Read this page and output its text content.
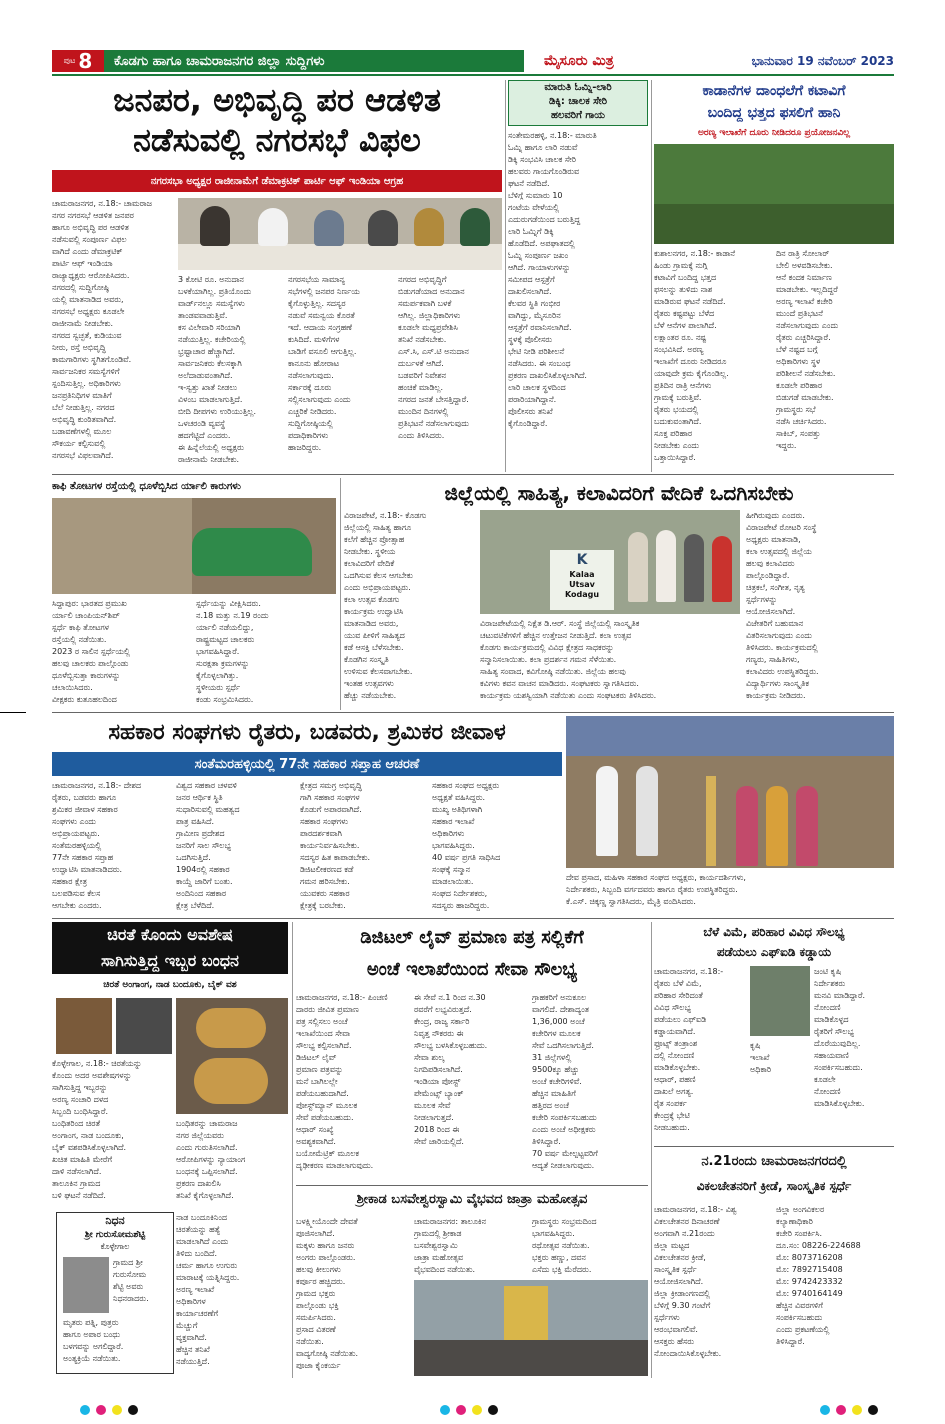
ಪುಟ 8 ಕೊಡಗು ಹಾಗೂ ಚಾಮರಾಜನಗರ ಜಿಲ್ಲಾ ಸುದ್ದಿಗಳು	ಮೈಸೂರು ಮಿತ್ರ	ಭಾನುವಾರ 19 ನವೆಂಬರ್ 2023
ಜನಪರ, ಅಭಿವೃದ್ಧಿ ಪರ ಆಡಳಿತ
ನಡೆಸುವಲ್ಲಿ ನಗರಸಭೆ ವಿಫಲ
ನಗರಸಭಾ ಅಧ್ಯಕ್ಷರ ರಾಜೀನಾಮೆಗೆ ಡೆಮಾಕ್ರಟಿಕ್ ಪಾರ್ಟಿ ಆಫ್ ಇಂಡಿಯಾ ಆಗ್ರಹ
ಚಾಮರಾಜನಗರ, ನ.18:- ಚಾಮರಾಜ
ನಗರ ನಗರಸಭೆ ಆಡಳಿತ ಜನಪರ
ಹಾಗೂ ಅಭಿವೃದ್ಧಿ ಪರ ಆಡಳಿತ
ನಡೆಸುವಲ್ಲಿ ಸಂಪೂರ್ಣ ವಿಫಲ
ವಾಗಿದೆ ಎಂದು ಡೆಮಾಕ್ರಟಿಕ್
ಪಾರ್ಟಿ ಆಫ್ ಇಂಡಿಯಾ
ರಾಜ್ಯಾಧ್ಯಕ್ಷರು ಆರೋಪಿಸಿದರು.
ನಗರದಲ್ಲಿ ಸುದ್ದಿಗೋಷ್ಠಿ
ಯಲ್ಲಿ ಮಾತನಾಡಿದ ಅವರು,
ನಗರಸಭೆ ಅಧ್ಯಕ್ಷರು ಕೂಡಲೇ
ರಾಜೀನಾಮೆ ನೀಡಬೇಕು.
ನಗರದ ಸ್ವಚ್ಛತೆ, ಕುಡಿಯುವ
ನೀರು, ರಸ್ತೆ ಅಭಿವೃದ್ಧಿ
ಕಾಮಗಾರಿಗಳು ಸ್ಥಗಿತಗೊಂಡಿವೆ.
ಸಾರ್ವಜನಿಕರ ಸಮಸ್ಯೆಗಳಿಗೆ
ಸ್ಪಂದಿಸುತ್ತಿಲ್ಲ. ಅಧಿಕಾರಿಗಳು
ಜನಪ್ರತಿನಿಧಿಗಳ ಮಾತಿಗೆ
ಬೆಲೆ ನೀಡುತ್ತಿಲ್ಲ. ನಗರದ
ಅಭಿವೃದ್ಧಿ ಕುಂಠಿತವಾಗಿದೆ.
ಬಡಾವಣೆಗಳಲ್ಲಿ ಮೂಲ
ಸೌಕರ್ಯ ಕಲ್ಪಿಸುವಲ್ಲಿ
ನಗರಸಭೆ ವಿಫಲವಾಗಿದೆ.
3 ಕೋಟಿ ರೂ. ಅನುದಾನ
ಬಳಕೆಯಾಗಿಲ್ಲ. ಪ್ರತಿಯೊಂದು
ವಾರ್ಡ್‌ನಲ್ಲೂ ಸಮಸ್ಯೆಗಳು
ತಾಂಡವವಾಡುತ್ತಿವೆ.
ಕಸ ವಿಲೇವಾರಿ ಸರಿಯಾಗಿ
ನಡೆಯುತ್ತಿಲ್ಲ. ಕಚೇರಿಯಲ್ಲಿ
ಭ್ರಷ್ಟಾಚಾರ ಹೆಚ್ಚಾಗಿದೆ.
ಸಾರ್ವಜನಿಕರು ಕೆಲಸಕ್ಕಾಗಿ
ಅಲೆದಾಡುವಂತಾಗಿದೆ.
ಇ-ಸ್ವತ್ತು ಖಾತೆ ನೀಡಲು
ವಿಳಂಬ ಮಾಡಲಾಗುತ್ತಿದೆ.
ಬೀದಿ ದೀಪಗಳು ಉರಿಯುತ್ತಿಲ್ಲ.
ಒಳಚರಂಡಿ ವ್ಯವಸ್ಥೆ
ಹದಗೆಟ್ಟಿದೆ ಎಂದರು.
ಈ ಹಿನ್ನೆಲೆಯಲ್ಲಿ ಅಧ್ಯಕ್ಷರು
ರಾಜೀನಾಮೆ ನೀಡಬೇಕು.
ನಗರಸಭೆಯ ಸಾಮಾನ್ಯ
ಸಭೆಗಳಲ್ಲಿ ಜನಪರ ನಿರ್ಣಯ
ಕೈಗೊಳ್ಳುತ್ತಿಲ್ಲ. ಸದಸ್ಯರ
ನಡುವೆ ಸಮನ್ವಯ ಕೊರತೆ
ಇದೆ. ಆದಾಯ ಸಂಗ್ರಹಣೆ
ಕುಸಿದಿದೆ. ಮಳಿಗೆಗಳ
ಬಾಡಿಗೆ ವಸೂಲಿ ಆಗುತ್ತಿಲ್ಲ.
ಕಾನೂನು ಹೋರಾಟ
ನಡೆಸಲಾಗುವುದು.
ಸರ್ಕಾರಕ್ಕೆ ದೂರು
ಸಲ್ಲಿಸಲಾಗುವುದು ಎಂದು
ಎಚ್ಚರಿಕೆ ನೀಡಿದರು.
ಸುದ್ದಿಗೋಷ್ಠಿಯಲ್ಲಿ
ಪದಾಧಿಕಾರಿಗಳು
ಹಾಜರಿದ್ದರು.
ನಗರದ ಅಭಿವೃದ್ಧಿಗೆ
ಬಿಡುಗಡೆಯಾದ ಅನುದಾನ
ಸಮರ್ಪಕವಾಗಿ ಬಳಕೆ
ಆಗಿಲ್ಲ. ಜಿಲ್ಲಾಧಿಕಾರಿಗಳು
ಕೂಡಲೇ ಮಧ್ಯಪ್ರವೇಶಿಸಿ
ತನಿಖೆ ನಡೆಸಬೇಕು.
ಎಸ್.ಸಿ, ಎಸ್.ಟಿ ಅನುದಾನ
ದುರ್ಬಳಕೆ ಆಗಿದೆ.
ಬಡವರಿಗೆ ನಿವೇಶನ
ಹಂಚಿಕೆ ಮಾಡಿಲ್ಲ.
ನಗರದ ಜನತೆ ಬೇಸತ್ತಿದ್ದಾರೆ.
ಮುಂದಿನ ದಿನಗಳಲ್ಲಿ
ಪ್ರತಿಭಟನೆ ನಡೆಸಲಾಗುವುದು
ಎಂದು ತಿಳಿಸಿದರು.
ಮಾರುತಿ ಓಮ್ನಿ-ಲಾರಿ
ಡಿಕ್ಕಿ: ಚಾಲಕ ಸೇರಿ
ಹಲವರಿಗೆ ಗಾಯ
ಸಂತೇಮರಹಳ್ಳಿ, ನ.18:- ಮಾರುತಿ
ಓಮ್ನಿ ಹಾಗೂ ಲಾರಿ ನಡುವೆ
ಡಿಕ್ಕಿ ಸಂಭವಿಸಿ ಚಾಲಕ ಸೇರಿ
ಹಲವರು ಗಾಯಗೊಂಡಿರುವ
ಘಟನೆ ನಡೆದಿದೆ.
ಬೆಳಿಗ್ಗೆ ಸುಮಾರು 10
ಗಂಟೆಯ ವೇಳೆಯಲ್ಲಿ
ಎದುರುಗಡೆಯಿಂದ ಬರುತ್ತಿದ್ದ
ಲಾರಿ ಓಮ್ನಿಗೆ ಡಿಕ್ಕಿ
ಹೊಡೆದಿದೆ. ಅಪಘಾತದಲ್ಲಿ
ಓಮ್ನಿ ಸಂಪೂರ್ಣ ಜಖಂ
ಆಗಿದೆ. ಗಾಯಾಳುಗಳನ್ನು
ಸಮೀಪದ ಆಸ್ಪತ್ರೆಗೆ
ದಾಖಲಿಸಲಾಗಿದೆ.
ಕೆಲವರ ಸ್ಥಿತಿ ಗಂಭೀರ
ವಾಗಿದ್ದು, ಮೈಸೂರಿನ
ಆಸ್ಪತ್ರೆಗೆ ರವಾನಿಸಲಾಗಿದೆ.
ಸ್ಥಳಕ್ಕೆ ಪೊಲೀಸರು
ಭೇಟಿ ನೀಡಿ ಪರಿಶೀಲನೆ
ನಡೆಸಿದರು. ಈ ಸಂಬಂಧ
ಪ್ರಕರಣ ದಾಖಲಿಸಿಕೊಳ್ಳಲಾಗಿದೆ.
ಲಾರಿ ಚಾಲಕ ಸ್ಥಳದಿಂದ
ಪರಾರಿಯಾಗಿದ್ದಾನೆ.
ಪೊಲೀಸರು ತನಿಖೆ
ಕೈಗೊಂಡಿದ್ದಾರೆ.
ಕಾಡಾನೆಗಳ ದಾಂಧಲೆಗೆ ಕಟಾವಿಗೆ
ಬಂದಿದ್ದ ಭತ್ತದ ಫಸಲಿಗೆ ಹಾನಿ
ಅರಣ್ಯ ಇಲಾಖೆಗೆ ದೂರು ನೀಡಿದರೂ ಪ್ರಯೋಜನವಿಲ್ಲ
ಕುಶಾಲನಗರ, ನ.18:- ಕಾಡಾನೆ
ಹಿಂಡು ಗ್ರಾಮಕ್ಕೆ ನುಗ್ಗಿ
ಕಟಾವಿಗೆ ಬಂದಿದ್ದ ಭತ್ತದ
ಫಸಲನ್ನು ತುಳಿದು ನಾಶ
ಮಾಡಿರುವ ಘಟನೆ ನಡೆದಿದೆ.
ರೈತರು ಕಷ್ಟಪಟ್ಟು ಬೆಳೆದ
ಬೆಳೆ ಆನೆಗಳ ಪಾಲಾಗಿದೆ.
ಲಕ್ಷಾಂತರ ರೂ. ನಷ್ಟ
ಸಂಭವಿಸಿದೆ. ಅರಣ್ಯ
ಇಲಾಖೆಗೆ ದೂರು ನೀಡಿದರೂ
ಯಾವುದೇ ಕ್ರಮ ಕೈಗೊಂಡಿಲ್ಲ.
ಪ್ರತಿದಿನ ರಾತ್ರಿ ಆನೆಗಳು
ಗ್ರಾಮಕ್ಕೆ ಬರುತ್ತಿವೆ.
ರೈತರು ಭಯದಲ್ಲಿ
ಬದುಕುವಂತಾಗಿದೆ.
ಸೂಕ್ತ ಪರಿಹಾರ
ನೀಡಬೇಕು ಎಂದು
ಒತ್ತಾಯಿಸಿದ್ದಾರೆ.
ದಿನ ರಾತ್ರಿ ಸೋಲಾರ್
ಬೇಲಿ ಅಳವಡಿಸಬೇಕು.
ಆನೆ ಕಂದಕ ನಿರ್ಮಾಣ
ಮಾಡಬೇಕು. ಇಲ್ಲದಿದ್ದರೆ
ಅರಣ್ಯ ಇಲಾಖೆ ಕಚೇರಿ
ಮುಂದೆ ಪ್ರತಿಭಟನೆ
ನಡೆಸಲಾಗುವುದು ಎಂದು
ರೈತರು ಎಚ್ಚರಿಸಿದ್ದಾರೆ.
ಬೆಳೆ ನಷ್ಟದ ಬಗ್ಗೆ
ಅಧಿಕಾರಿಗಳು ಸ್ಥಳ
ಪರಿಶೀಲನೆ ನಡೆಸಬೇಕು.
ಕೂಡಲೇ ಪರಿಹಾರ
ಬಿಡುಗಡೆ ಮಾಡಬೇಕು.
ಗ್ರಾಮಸ್ಥರು ಸಭೆ
ನಡೆಸಿ ಚರ್ಚಿಸಿದರು.
ಸಾಕಿಬ್, ಸಂಪತ್ತು
ಇದ್ದರು.
ಕಾಫಿ ತೋಟಗಳ ರಸ್ತೆಯಲ್ಲಿ ಧೂಳೆಬ್ಬಿಸಿದ ರ್ಯಾಲಿ ಕಾರುಗಳು
ಸಿದ್ದಾಪುರ: ಭಾರತದ ಪ್ರಮುಖ
ರ್ಯಾಲಿ ಚಾಂಪಿಯನ್‌ಶಿಪ್
ಸ್ಪರ್ಧೆ ಕಾಫಿ ತೋಟಗಳ
ರಸ್ತೆಯಲ್ಲಿ ನಡೆಯಿತು.
2023 ರ ಸಾಲಿನ ಸ್ಪರ್ಧೆಯಲ್ಲಿ
ಹಲವು ಚಾಲಕರು ಪಾಲ್ಗೊಂಡು
ಧೂಳೆಬ್ಬಿಸುತ್ತಾ ಕಾರುಗಳನ್ನು
ಚಲಾಯಿಸಿದರು.
ವೀಕ್ಷಕರು ಕುತೂಹಲದಿಂದ
ಸ್ಪರ್ಧೆಯನ್ನು ವೀಕ್ಷಿಸಿದರು.
ನ.18 ಮತ್ತು ನ.19 ರಂದು
ರ್ಯಾಲಿ ನಡೆಯಲಿದ್ದು,
ರಾಷ್ಟ್ರಮಟ್ಟದ ಚಾಲಕರು
ಭಾಗವಹಿಸಿದ್ದಾರೆ.
ಸುರಕ್ಷತಾ ಕ್ರಮಗಳನ್ನು
ಕೈಗೊಳ್ಳಲಾಗಿತ್ತು.
ಸ್ಥಳೀಯರು ಸ್ಪರ್ಧೆ
ಕಂಡು ಸಂಭ್ರಮಿಸಿದರು.
ಜಿಲ್ಲೆಯಲ್ಲಿ ಸಾಹಿತ್ಯ, ಕಲಾವಿದರಿಗೆ ವೇದಿಕೆ ಒದಗಿಸಬೇಕು
ವಿರಾಜಪೇಟೆ, ನ.18:- ಕೊಡಗು
ಜಿಲ್ಲೆಯಲ್ಲಿ ಸಾಹಿತ್ಯ ಹಾಗೂ
ಕಲೆಗೆ ಹೆಚ್ಚಿನ ಪ್ರೋತ್ಸಾಹ
ನೀಡಬೇಕು. ಸ್ಥಳೀಯ
ಕಲಾವಿದರಿಗೆ ವೇದಿಕೆ
ಒದಗಿಸುವ ಕೆಲಸ ಆಗಬೇಕು
ಎಂದು ಅಭಿಪ್ರಾಯಪಟ್ಟರು.
ಕಲಾ ಉತ್ಸವ ಕೊಡಗು
ಕಾರ್ಯಕ್ರಮ ಉದ್ಘಾಟಿಸಿ
ಮಾತನಾಡಿದ ಅವರು,
ಯುವ ಪೀಳಿಗೆ ಸಾಹಿತ್ಯದ
ಕಡೆ ಆಸಕ್ತಿ ಬೆಳೆಸಬೇಕು.
ಕೊಡಗಿನ ಸಂಸ್ಕೃತಿ
ಉಳಿಸುವ ಕೆಲಸವಾಗಬೇಕು.
ಇಂತಹ ಉತ್ಸವಗಳು
ಹೆಚ್ಚು ನಡೆಯಬೇಕು.
K
Kalaa
Utsav
Kodagu
ಹೀಗಿರುವುದು ಎಂದರು.
ವಿರಾಜಪೇಟೆ ರೋಟರಿ ಸಂಸ್ಥೆ
ಅಧ್ಯಕ್ಷರು ಮಾತನಾಡಿ,
ಕಲಾ ಉತ್ಸವದಲ್ಲಿ ಜಿಲ್ಲೆಯ
ಹಲವು ಕಲಾವಿದರು
ಪಾಲ್ಗೊಂಡಿದ್ದಾರೆ.
ಚಿತ್ರಕಲೆ, ಸಂಗೀತ, ನೃತ್ಯ
ಸ್ಪರ್ಧೆಗಳನ್ನು
ಆಯೋಜಿಸಲಾಗಿದೆ.
ವಿಜೇತರಿಗೆ ಬಹುಮಾನ
ವಿತರಿಸಲಾಗುವುದು ಎಂದು
ತಿಳಿಸಿದರು. ಕಾರ್ಯಕ್ರಮದಲ್ಲಿ
ಗಣ್ಯರು, ಸಾಹಿತಿಗಳು,
ಕಲಾವಿದರು ಉಪಸ್ಥಿತರಿದ್ದರು.
ವಿದ್ಯಾರ್ಥಿಗಳು ಸಾಂಸ್ಕೃತಿಕ
ಕಾರ್ಯಕ್ರಮ ನೀಡಿದರು.
ವಿರಾಜಪೇಟೆಯಲ್ಲಿ ನಿಕ್ಷೆತ ಡಿ.ಆರ್. ಸಂಸ್ಥೆ ಜಿಲ್ಲೆಯಲ್ಲಿ ಸಾಂಸ್ಕೃತಿಕ
ಚಟುವಟಿಕೆಗಳಿಗೆ ಹೆಚ್ಚಿನ ಉತ್ತೇಜನ ನೀಡುತ್ತಿದೆ. ಕಲಾ ಉತ್ಸವ
ಕೊಡಗು ಕಾರ್ಯಕ್ರಮದಲ್ಲಿ ವಿವಿಧ ಕ್ಷೇತ್ರದ ಸಾಧಕರನ್ನು
ಸನ್ಮಾನಿಸಲಾಯಿತು. ಕಲಾ ಪ್ರದರ್ಶನ ಗಮನ ಸೆಳೆಯಿತು.
ಸಾಹಿತ್ಯ ಸಂವಾದ, ಕವಿಗೋಷ್ಠಿ ನಡೆಯಿತು. ಜಿಲ್ಲೆಯ ಹಲವು
ಕವಿಗಳು ಕವನ ವಾಚನ ಮಾಡಿದರು. ಸಂಘಟಕರು ಸ್ವಾಗತಿಸಿದರು.
ಕಾರ್ಯಕ್ರಮ ಯಶಸ್ವಿಯಾಗಿ ನಡೆಯಿತು ಎಂದು ಸಂಘಟಕರು ತಿಳಿಸಿದರು.
ಸಹಕಾರ ಸಂಘಗಳು ರೈತರು, ಬಡವರು, ಶ್ರಮಿಕರ ಜೀವಾಳ
ಸಂತೆಮರಹಳ್ಳಿಯಲ್ಲಿ 77ನೇ ಸಹಕಾರ ಸಪ್ತಾಹ ಆಚರಣೆ
ಚಾಮರಾಜನಗರ, ನ.18:- ದೇಶದ
ರೈತರು, ಬಡವರು ಹಾಗೂ
ಶ್ರಮಿಕರ ಜೀವಾಳ ಸಹಕಾರ
ಸಂಘಗಳು ಎಂದು
ಅಭಿಪ್ರಾಯಪಟ್ಟರು.
ಸಂತೆಮರಹಳ್ಳಿಯಲ್ಲಿ
77ನೇ ಸಹಕಾರ ಸಪ್ತಾಹ
ಉದ್ಘಾಟಿಸಿ ಮಾತನಾಡಿದರು.
ಸಹಕಾರ ಕ್ಷೇತ್ರ
ಬಲಪಡಿಸುವ ಕೆಲಸ
ಆಗಬೇಕು ಎಂದರು.
ವಿಶ್ವದ ಸಹಕಾರ ಚಳವಳಿ
ಜನರ ಆರ್ಥಿಕ ಸ್ಥಿತಿ
ಸುಧಾರಿಸುವಲ್ಲಿ ಮಹತ್ವದ
ಪಾತ್ರ ವಹಿಸಿದೆ.
ಗ್ರಾಮೀಣ ಪ್ರದೇಶದ
ಜನರಿಗೆ ಸಾಲ ಸೌಲಭ್ಯ
ಒದಗಿಸುತ್ತಿದೆ.
1904ರಲ್ಲಿ ಸಹಕಾರ
ಕಾಯ್ದೆ ಜಾರಿಗೆ ಬಂತು.
ಅಂದಿನಿಂದ ಸಹಕಾರ
ಕ್ಷೇತ್ರ ಬೆಳೆದಿದೆ.
ಕ್ಷೇತ್ರದ ಸಮಗ್ರ ಅಭಿವೃದ್ಧಿ
ಗಾಗಿ ಸಹಕಾರ ಸಂಘಗಳ
ಕೊಡುಗೆ ಅಪಾರವಾಗಿದೆ.
ಸಹಕಾರ ಸಂಘಗಳು
ಪಾರದರ್ಶಕವಾಗಿ
ಕಾರ್ಯನಿರ್ವಹಿಸಬೇಕು.
ಸದಸ್ಯರ ಹಿತ ಕಾಪಾಡಬೇಕು.
ಡಿಜಿಟಲೀಕರಣದ ಕಡೆ
ಗಮನ ಹರಿಸಬೇಕು.
ಯುವಕರು ಸಹಕಾರ
ಕ್ಷೇತ್ರಕ್ಕೆ ಬರಬೇಕು.
ಸಹಕಾರ ಸಂಘದ ಅಧ್ಯಕ್ಷರು
ಅಧ್ಯಕ್ಷತೆ ವಹಿಸಿದ್ದರು.
ಮುಖ್ಯ ಅತಿಥಿಗಳಾಗಿ
ಸಹಕಾರ ಇಲಾಖೆ
ಅಧಿಕಾರಿಗಳು
ಭಾಗವಹಿಸಿದ್ದರು.
40 ವರ್ಷ ಪ್ರಗತಿ ಸಾಧಿಸಿದ
ಸಂಘಕ್ಕೆ ಸನ್ಮಾನ
ಮಾಡಲಾಯಿತು.
ಸಂಘದ ನಿರ್ದೇಶಕರು,
ಸದಸ್ಯರು ಹಾಜರಿದ್ದರು.
ದೇವ ಪ್ರಸಾದ, ಮಹಿಳಾ ಸಹಕಾರ ಸಂಘದ ಅಧ್ಯಕ್ಷರು, ಕಾರ್ಯದರ್ಶಿಗಳು,
ನಿರ್ದೇಶಕರು, ಸಿಬ್ಬಂದಿ ವರ್ಗದವರು ಹಾಗೂ ರೈತರು ಉಪಸ್ಥಿತರಿದ್ದರು.
ಕೆ.ಎಸ್. ಚಿಕ್ಕಣ್ಣ ಸ್ವಾಗತಿಸಿದರು, ಮೈತ್ರಿ ವಂದಿಸಿದರು.
ಚಿರತೆ ಕೊಂದು ಅವಶೇಷ
ಸಾಗಿಸುತ್ತಿದ್ದ ಇಬ್ಬರ ಬಂಧನ
ಚಿರತೆ ಅಂಗಾಂಗ, ನಾಡ ಬಂದೂಕು, ಬೈಕ್ ವಶ
ಕೊಳ್ಳೇಗಾಲ, ನ.18:- ಚಿರತೆಯನ್ನು
ಕೊಂದು ಅದರ ಅವಶೇಷಗಳನ್ನು
ಸಾಗಿಸುತ್ತಿದ್ದ ಇಬ್ಬರನ್ನು
ಅರಣ್ಯ ಸಂಚಾರಿ ದಳದ
ಸಿಬ್ಬಂದಿ ಬಂಧಿಸಿದ್ದಾರೆ.
ಬಂಧಿತರಿಂದ ಚಿರತೆ
ಅಂಗಾಂಗ, ನಾಡ ಬಂದೂಕು,
ಬೈಕ್ ವಶಪಡಿಸಿಕೊಳ್ಳಲಾಗಿದೆ.
ಖಚಿತ ಮಾಹಿತಿ ಮೇರೆಗೆ
ದಾಳಿ ನಡೆಸಲಾಗಿದೆ.
ತಾಲೂಕಿನ ಗ್ರಾಮದ
ಬಳಿ ಘಟನೆ ನಡೆದಿದೆ.
ಬಂಧಿತರನ್ನು ಚಾಮರಾಜ
ನಗರ ಜಿಲ್ಲೆಯವರು
ಎಂದು ಗುರುತಿಸಲಾಗಿದೆ.
ಆರೋಪಿಗಳನ್ನು ನ್ಯಾಯಾಂಗ
ಬಂಧನಕ್ಕೆ ಒಪ್ಪಿಸಲಾಗಿದೆ.
ಪ್ರಕರಣ ದಾಖಲಿಸಿ
ತನಿಖೆ ಕೈಗೊಳ್ಳಲಾಗಿದೆ.
ನಿಧನ
ಶ್ರೀ ಗುರುಸೋಮಶೆಟ್ಟಿ
ಕೊಳ್ಳೇಗಾಲ
ಗ್ರಾಮದ ಶ್ರೀ
ಗುರುಸೋಮ
ಶೆಟ್ಟಿ ಅವರು
ನಿಧನರಾದರು.
ಮೃತರು ಪತ್ನಿ, ಪುತ್ರರು
ಹಾಗೂ ಅಪಾರ ಬಂಧು
ಬಳಗವನ್ನು ಅಗಲಿದ್ದಾರೆ.
ಅಂತ್ಯಕ್ರಿಯೆ ನಡೆಯಿತು.
ನಾಡ ಬಂದೂಕಿನಿಂದ
ಚಿರತೆಯನ್ನು ಹತ್ಯೆ
ಮಾಡಲಾಗಿದೆ ಎಂದು
ತಿಳಿದು ಬಂದಿದೆ.
ಚರ್ಮ ಹಾಗೂ ಉಗುರು
ಮಾರಾಟಕ್ಕೆ ಯತ್ನಿಸಿದ್ದರು.
ಅರಣ್ಯ ಇಲಾಖೆ
ಅಧಿಕಾರಿಗಳ
ಕಾರ್ಯಾಚರಣೆಗೆ
ಮೆಚ್ಚುಗೆ
ವ್ಯಕ್ತವಾಗಿದೆ.
ಹೆಚ್ಚಿನ ತನಿಖೆ
ನಡೆಯುತ್ತಿದೆ.
ಡಿಜಿಟಲ್ ಲೈವ್ ಪ್ರಮಾಣ ಪತ್ರ ಸಲ್ಲಿಕೆಗೆ
ಅಂಚೆ ಇಲಾಖೆಯಿಂದ ಸೇವಾ ಸೌಲಭ್ಯ
ಚಾಮರಾಜನಗರ, ನ.18:- ಪಿಂಚಣಿ
ದಾರರು ಜೀವಿತ ಪ್ರಮಾಣ
ಪತ್ರ ಸಲ್ಲಿಸಲು ಅಂಚೆ
ಇಲಾಖೆಯಿಂದ ಸೇವಾ
ಸೌಲಭ್ಯ ಕಲ್ಪಿಸಲಾಗಿದೆ.
ಡಿಜಿಟಲ್ ಲೈವ್
ಪ್ರಮಾಣ ಪತ್ರವನ್ನು
ಮನೆ ಬಾಗಿಲಲ್ಲೇ
ಪಡೆಯಬಹುದಾಗಿದೆ.
ಪೋಸ್ಟ್‌ಮ್ಯಾನ್ ಮೂಲಕ
ಸೇವೆ ಪಡೆಯಬಹುದು.
ಆಧಾರ್ ಸಂಖ್ಯೆ
ಅವಶ್ಯಕವಾಗಿದೆ.
ಬಯೋಮೆಟ್ರಿಕ್ ಮೂಲಕ
ದೃಢೀಕರಣ ಮಾಡಲಾಗುವುದು.
ಈ ಸೇವೆ ನ.1 ರಿಂದ ನ.30
ರವರೆಗೆ ಲಭ್ಯವಿರುತ್ತದೆ.
ಕೇಂದ್ರ, ರಾಜ್ಯ ಸರ್ಕಾರಿ
ನಿವೃತ್ತ ನೌಕರರು ಈ
ಸೌಲಭ್ಯ ಬಳಸಿಕೊಳ್ಳಬಹುದು.
ಸೇವಾ ಶುಲ್ಕ
ನಿಗದಿಪಡಿಸಲಾಗಿದೆ.
ಇಂಡಿಯಾ ಪೋಸ್ಟ್
ಪೇಮೆಂಟ್ಸ್ ಬ್ಯಾಂಕ್
ಮೂಲಕ ಸೇವೆ
ನೀಡಲಾಗುತ್ತದೆ.
2018 ರಿಂದ ಈ
ಸೇವೆ ಜಾರಿಯಲ್ಲಿದೆ.
ಗ್ರಾಹಕರಿಗೆ ಅನುಕೂಲ
ವಾಗಲಿದೆ. ದೇಶಾದ್ಯಂತ
1,36,000 ಅಂಚೆ
ಕಚೇರಿಗಳ ಮೂಲಕ
ಸೇವೆ ಒದಗಿಸಲಾಗುತ್ತಿದೆ.
31 ಜಿಲ್ಲೆಗಳಲ್ಲಿ
9500ಕ್ಕೂ ಹೆಚ್ಚು
ಅಂಚೆ ಕಚೇರಿಗಳಿವೆ.
ಹೆಚ್ಚಿನ ಮಾಹಿತಿಗೆ
ಹತ್ತಿರದ ಅಂಚೆ
ಕಚೇರಿ ಸಂಪರ್ಕಿಸಬಹುದು
ಎಂದು ಅಂಚೆ ಅಧೀಕ್ಷಕರು
ತಿಳಿಸಿದ್ದಾರೆ.
70 ವರ್ಷ ಮೇಲ್ಪಟ್ಟವರಿಗೆ
ಆದ್ಯತೆ ನೀಡಲಾಗುವುದು.
ಶ್ರೀಕಾಡ ಬಸವೇಶ್ವರಸ್ವಾಮಿ ವೈಭವದ ಜಾತ್ರಾ ಮಹೋತ್ಸವ
ಬಳಕ್ಷ್ಮೀಯೊಂದೇ ದೇವತೆ
ಪೂಜಿಸಲಾಗಿದೆ.
ಮಕ್ಕಳು ಹಾಗೂ ಜನರು
ಅಂಗರು ಪಾಲ್ಗೊಂಡರು.
ಹಲವು ಕೀಲುಗಳು
ಕರ್ಪೂರ ಹಚ್ಚಿದರು.
ಗ್ರಾಮದ ಭಕ್ತರು
ಪಾಲ್ಗೊಂಡು ಭಕ್ತಿ
ಸಮರ್ಪಿಸಿದರು.
ಪ್ರಸಾದ ವಿತರಣೆ
ನಡೆಯಿತು.
ವಾದ್ಯಗೋಷ್ಠಿ ನಡೆಯಿತು.
ಪೂಜಾ ಕೈಂಕರ್ಯ
ಚಾಮರಾಜನಗರ: ತಾಲೂಕಿನ
ಗ್ರಾಮದಲ್ಲಿ ಶ್ರೀಕಾಡ
ಬಸವೇಶ್ವರಸ್ವಾಮಿ
ಜಾತ್ರಾ ಮಹೋತ್ಸವ
ವೈಭವದಿಂದ ನಡೆಯಿತು.
ಗ್ರಾಮಸ್ಥರು ಸಂಭ್ರಮದಿಂದ
ಭಾಗವಹಿಸಿದ್ದರು.
ರಥೋತ್ಸವ ನಡೆಯಿತು.
ಭಕ್ತರು ಹಣ್ಣು, ದವನ
ಎಸೆದು ಭಕ್ತಿ ಮೆರೆದರು.
ಬೆಳೆ ವಿಮೆ, ಪರಿಹಾರ ವಿವಿಧ ಸೌಲಭ್ಯ
ಪಡೆಯಲು ಎಫ್‌ಐಡಿ ಕಡ್ಡಾಯ
ಚಾಮರಾಜನಗರ, ನ.18:-
ರೈತರು ಬೆಳೆ ವಿಮೆ,
ಪರಿಹಾರ ಸೇರಿದಂತೆ
ವಿವಿಧ ಸೌಲಭ್ಯ
ಪಡೆಯಲು ಎಫ್‌ಐಡಿ
ಕಡ್ಡಾಯವಾಗಿದೆ.
ಫ್ರೂಟ್ಸ್ ತಂತ್ರಾಂಶ
ದಲ್ಲಿ ನೋಂದಣಿ
ಮಾಡಿಕೊಳ್ಳಬೇಕು.
ಆಧಾರ್, ಪಹಣಿ
ದಾಖಲೆ ಅಗತ್ಯ.
ರೈತ ಸಂಪರ್ಕ
ಕೇಂದ್ರಕ್ಕೆ ಭೇಟಿ
ನೀಡಬಹುದು.
ಜಂಟಿ ಕೃಷಿ
ನಿರ್ದೇಶಕರು
ಮನವಿ ಮಾಡಿದ್ದಾರೆ.
ನೋಂದಣಿ
ಮಾಡಿಕೊಳ್ಳದ
ರೈತರಿಗೆ ಸೌಲಭ್ಯ
ದೊರೆಯುವುದಿಲ್ಲ.
ಸಹಾಯವಾಣಿ
ಸಂಪರ್ಕಿಸಬಹುದು.
ಕೂಡಲೇ
ನೋಂದಣಿ
ಮಾಡಿಸಿಕೊಳ್ಳಬೇಕು.
ಕೃಷಿ
ಇಲಾಖೆ
ಅಧಿಕಾರಿ
ನ.21ರಂದು ಚಾಮರಾಜನಗರದಲ್ಲಿ
ವಿಕಲಚೇತನರಿಗೆ ಕ್ರೀಡೆ, ಸಾಂಸ್ಕೃತಿಕ ಸ್ಪರ್ಧೆ
ಚಾಮರಾಜನಗರ, ನ.18:- ವಿಶ್ವ
ವಿಕಲಚೇತನರ ದಿನಾಚರಣೆ
ಅಂಗವಾಗಿ ನ.21ರಂದು
ಜಿಲ್ಲಾ ಮಟ್ಟದ
ವಿಕಲಚೇತನರ ಕ್ರೀಡೆ,
ಸಾಂಸ್ಕೃತಿಕ ಸ್ಪರ್ಧೆ
ಆಯೋಜಿಸಲಾಗಿದೆ.
ಜಿಲ್ಲಾ ಕ್ರೀಡಾಂಗಣದಲ್ಲಿ
ಬೆಳಿಗ್ಗೆ 9.30 ಗಂಟೆಗೆ
ಸ್ಪರ್ಧೆಗಳು
ಆರಂಭವಾಗಲಿವೆ.
ಆಸಕ್ತರು ಹೆಸರು
ನೋಂದಾಯಿಸಿಕೊಳ್ಳಬೇಕು.
ಜಿಲ್ಲಾ ಅಂಗವಿಕಲರ
ಕಲ್ಯಾಣಾಧಿಕಾರಿ
ಕಚೇರಿ ಸಂಪರ್ಕಿಸಿ.
ದೂ.ಸಂ: 08226-224688
ಮೊ: 8073716208
ಮೊ: 7892715408
ಮೊ: 9742423332
ಮೊ: 9740164149
ಹೆಚ್ಚಿನ ವಿವರಗಳಿಗೆ
ಸಂಪರ್ಕಿಸಬಹುದು
ಎಂದು ಪ್ರಕಟಣೆಯಲ್ಲಿ
ತಿಳಿಸಿದ್ದಾರೆ.
